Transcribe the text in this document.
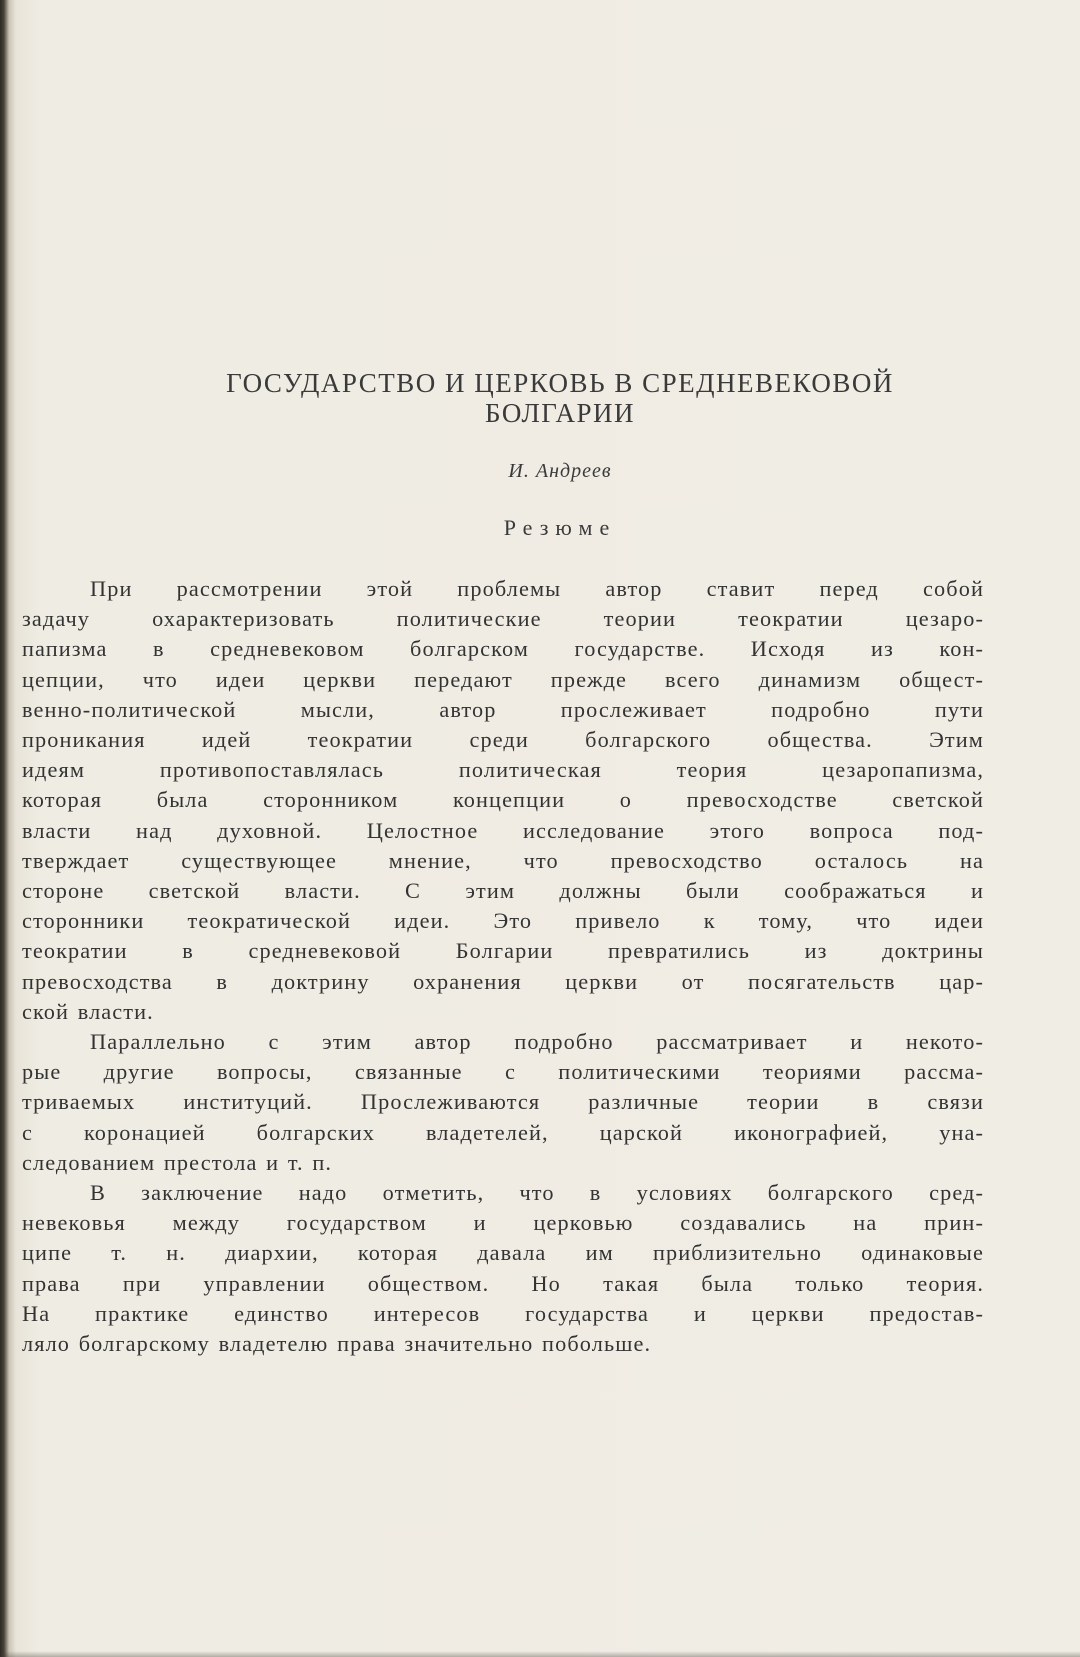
ГОСУДАРСТВО И ЦЕРКОВЬ В СРЕДНЕВЕКОВОЙ
БОЛГАРИИ
И. Андреев
Резюме
При рассмотрении этой проблемы автор ставит перед собой
задачу охарактеризовать политические теории теократии цезаро-
папизма в средневековом болгарском государстве. Исходя из кон-
цепции, что идеи церкви передают прежде всего динамизм общест-
венно-политической мысли, автор прослеживает подробно пути
проникания идей теократии среди болгарского общества. Этим
идеям противопоставлялась политическая теория цезаропапизма,
которая была сторонником концепции о превосходстве светской
власти над духовной. Целостное исследование этого вопроса под-
тверждает существующее мнение, что превосходство осталось на
стороне светской власти. С этим должны были соображаться и
сторонники теократической идеи. Это привело к тому, что идеи
теократии в средневековой Болгарии превратились из доктрины
превосходства в доктрину охранения церкви от посягательств цар-
ской власти.
Параллельно с этим автор подробно рассматривает и некото-
рые другие вопросы, связанные с политическими теориями рассма-
триваемых институций. Прослеживаются различные теории в связи
с коронацией болгарских владетелей, царской иконографией, уна-
следованием престола и т. п.
В заключение надо отметить, что в условиях болгарского сред-
невековья между государством и церковью создавались на прин-
ципе т. н. диархии, которая давала им приблизительно одинаковые
права при управлении обществом. Но такая была только теория.
На практике единство интересов государства и церкви предостав-
ляло болгарскому владетелю права значительно побольше.
